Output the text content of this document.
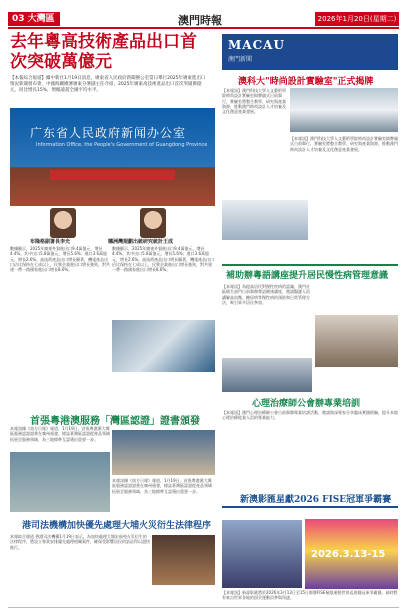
03 大灣區	澳門時報	2026年1月20日(星期二)
去年粵高技術產品出口首次突破萬億元
【本報綜合報道】據中新社1月19日消息，廣東省人民政府新聞辦公室當日舉行2025年廣東進出口情況新聞發布會，中國海關總署廣東分署副主任介紹，2025年廣東高技術產品出口首次突破萬億元，同比增長15%，增幅遠超全國平均水平。
广东省人民政府新闻办公室
Information Office, the People's Government of Guangdong Province
布隆格副署長李光	穗洲灣規劃出統研究統計王成
數據顯示，2025年廣東外貿進出口9.4萬億元，增長4.4%。其中出口5.8萬億元，增長5.6%；進口3.6萬億元，增長2.6%。高技術產品出口增長顯著，機電產品出口佔比保持在七成以上，民營企業進出口增長強勁，對共建一帶一路國家進出口增長8.6%。
數據顯示，2025年廣東外貿進出口9.4萬億元，增長4.4%。其中出口5.8萬億元，增長5.6%；進口3.6萬億元，增長2.6%。高技術產品出口增長顯著，機電產品出口佔比保持在七成以上，民營企業進出口增長強勁，對共建一帶一路國家進出口增長8.6%。
首張粵港澳服務「灣區認證」證書頒發
本報訊據《南方日報》報道，1月19日，首張粵港澳大灣區服務認證證書在廣州頒發，標誌著灣區認證從產品領域拓展至服務領域，為三地標準互認邁出重要一步。
本報訊據《南方日報》報道，1月19日，首張粵港澳大灣區服務認證證書在廣州頒發，標誌著灣區認證從產品領域拓展至服務領域，為三地標準互認邁出重要一步。
港司法機構加快優先處理大埔火災衍生法律程序
本報綜合報道 香港司法機構1月19日表示，為加快處理大埔宏福苑火災衍生的法律程序，將設立專責安排優先處理相關案件，確保受影響居民的訴訟得以盡快進行。
MACAU
澳門新聞
澳科大"時尚設計實驗室"正式揭牌
【本報訊】澳門科技大學人文藝術學院時尚設計實驗室揭牌儀式日前舉行，實驗室將整合教學、研究與產業資源，推動澳門時尚設計人才培養及文化創意產業發展。
【本報訊】澳門科技大學人文藝術學院時尚設計實驗室揭牌儀式日前舉行，實驗室將整合教學、研究與產業資源，推動澳門時尚設計人才培養及文化創意產業發展。
補助辦粵語講座提升居民慢性病管理意識
【本報訊】為提高居民對慢性疾病的認識，澳門社區衛生部門日前舉辦粵語健康講座，邀請醫護人員講解高血壓、糖尿病等慢性病的預防和日常管理方法，吸引眾多居民參加。
心理治療師公會辦專業培訓
【本報訊】澳門心理治療師公會日前舉辦專業培訓活動，邀請資深專家分享臨床實踐經驗，提升本地心理治療從業人員的專業能力。
新澳影匯星獻2026 FISE冠軍爭霸賽
2026.3.13-15
【本報訊】新濠影匯將於2026年3月13日至15日舉辦FISE極限運動世界巡迴賽冠軍爭霸賽，屆時將有來自世界各地的頂尖運動員參與角逐。
